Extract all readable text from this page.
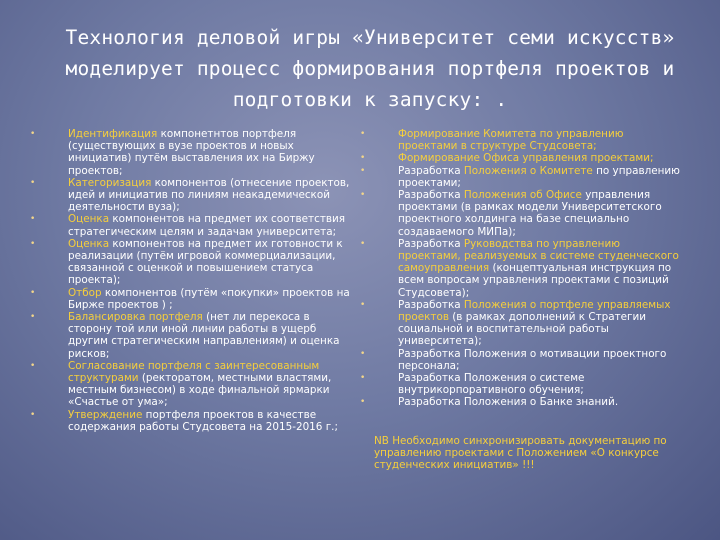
Технология деловой игры «Университет семи искусств» моделирует процесс формирования портфеля проектов и подготовки к запуску: .

•	Идентификация компонетнтов портфеля (существующих в вузе проектов и новых инициатив) путём выставления их на Биржу проектов;

•	Категоризация компонентов (отнесение проектов, идей и инициатив по линиям неакадемической деятельности вуза);

•	Оценка компонентов на предмет их соответствия стратегическим целям и задачам университета;

•	Оценка компонентов на предмет их готовности к реализации (путём игровой коммерциализации, связанной с оценкой и повышением статуса проекта);

•	Отбор компонентов (путём «покупки» проектов на Бирже проектов ) ;

•	Балансировка портфеля (нет ли перекоса в сторону той или иной линии работы в ущерб другим стратегическим направлениям) и оценка рисков;

•	Согласование портфеля с заинтересованным структурами (ректоратом, местными властями, местным бизнесом) в ходе финальной ярмарки «Счастье от ума»;

•	Утверждение портфеля проектов в качестве содержания работы Студсовета на 2015-2016 г.;

•	Формирование Комитета по управлению проектами в структуре Студсовета;

•	Формирование Офиса управления проектами;

•	Разработка Положения о Комитете по управлению проектами;

•	Разработка Положения об Офисе управления проектами (в рамках модели Университетского проектного холдинга на базе специально создаваемого МИПа);

•	Разработка Руководства по управлению проектами, реализуемых в системе студенческого самоуправления (концептуальная инструкция по всем вопросам управления проектами с позиций Студсовета);

•	Разработка Положения о портфеле управляемых проектов (в рамках дополнений к Стратегии социальной и воспитательной работы университета);

•	Разработка Положения о мотивации проектного персонала;

•	Разработка Положения о системе внутрикорпоративного обучения;

•	Разработка Положения о Банке знаний.

NB Необходимо синхронизировать документацию по управлению проектами с Положением «О конкурсе студенческих инициатив» !!!
